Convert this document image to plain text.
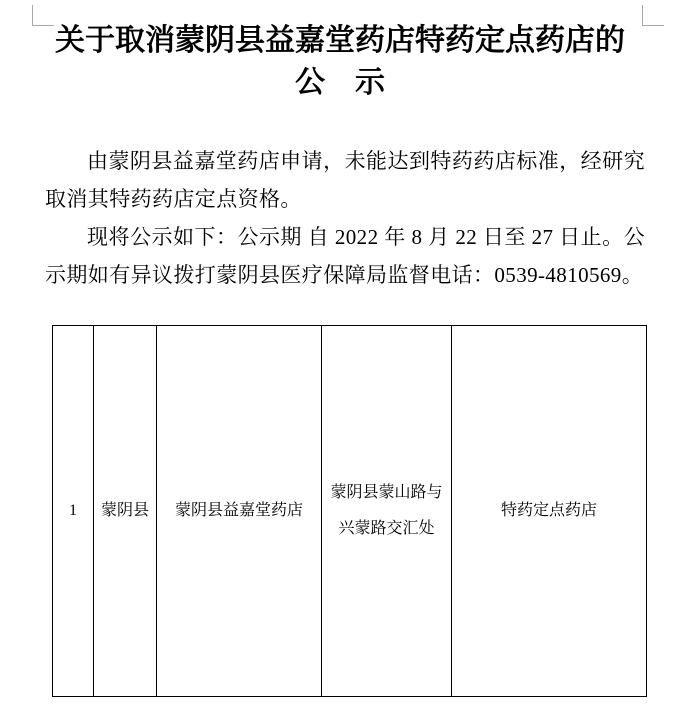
关于取消蒙阴县益嘉堂药店特药定点药店的
公　示
由蒙阴县益嘉堂药店申请，未能达到特药药店标准，经研究
取消其特药药店定点资格。
现将公示如下：公示期 自 2022 年 8 月 22 日至 27 日止。公
示期如有异议拨打蒙阴县医疗保障局监督电话：0539-4810569。
1	蒙阴县	蒙阴县益嘉堂药店
蒙阴县蒙山路与
兴蒙路交汇处
特药定点药店
